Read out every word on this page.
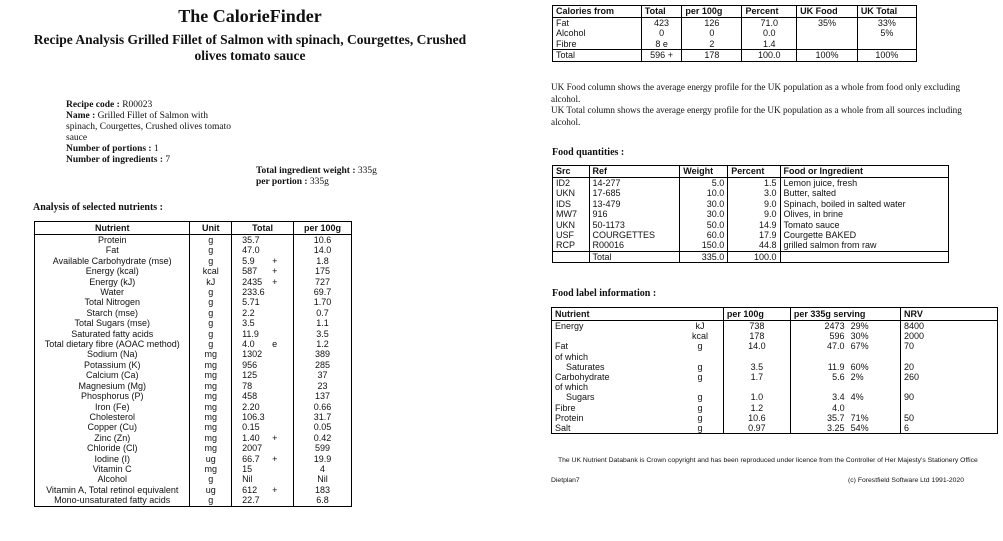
The CalorieFinder
Recipe Analysis Grilled Fillet of Salmon with spinach, Courgettes, Crushed olives tomato sauce
Recipe code : R00023
Name : Grilled Fillet of Salmon with
spinach, Courgettes, Crushed olives tomato
sauce
Number of portions : 1
Number of ingredients : 7
Total ingredient weight : 335g
per portion : 335g
Analysis of selected nutrients :
Nutrient	Unit	Total	per 100g
Protein	g	35.7	10.6
Fat	g	47.0	14.0
Available Carbohydrate (mse)	g	5.9 +	1.8
Energy (kcal)	kcal	587 +	175
Energy (kJ)	kJ	2435 +	727
Water	g	233.6	69.7
Total Nitrogen	g	5.71	1.70
Starch (mse)	g	2.2	0.7
Total Sugars (mse)	g	3.5	1.1
Saturated fatty acids	g	11.9	3.5
Total dietary fibre (AOAC method)	g	4.0 e	1.2
Sodium (Na)	mg	1302	389
Potassium (K)	mg	956	285
Calcium (Ca)	mg	125	37
Magnesium (Mg)	mg	78	23
Phosphorus (P)	mg	458	137
Iron (Fe)	mg	2.20	0.66
Cholesterol	mg	106.3	31.7
Copper (Cu)	mg	0.15	0.05
Zinc (Zn)	mg	1.40 +	0.42
Chloride (Cl)	mg	2007	599
Iodine (I)	ug	66.7 +	19.9
Vitamin C	mg	15	4
Alcohol	g	Nil	Nil
Vitamin A, Total retinol equivalent	ug	612 +	183
Mono-unsaturated fatty acids	g	22.7	6.8
Calories from	Total	per 100g	Percent	UK Food	UK Total
Fat	423	126	71.0	35%	33%
Alcohol	0	0	0.0		5%
Fibre	8 e	2	1.4		
Total	596 +	178	100.0	100%	100%
UK Food column shows the average energy profile for the UK population as a whole from food only excluding alcohol.
UK Total column shows the average energy profile for the UK population as a whole from all sources including alcohol.
Food quantities :
Src	Ref	Weight	Percent	Food or Ingredient
ID2	14-277	5.0	1.5	Lemon juice, fresh
UKN	17-685	10.0	3.0	Butter, salted
IDS	13-479	30.0	9.0	Spinach, boiled in salted water
MW7	916	30.0	9.0	Olives, in brine
UKN	50-1173	50.0	14.9	Tomato sauce
USF	COURGETTES	60.0	17.9	Courgette BAKED
RCP	R00016	150.0	44.8	grilled salmon from raw
	Total	335.0	100.0	
Food label information :
Nutrient		per 100g	per 335g serving		NRV
Energy	kJ	738	2473	29%	8400
	kcal	178	596	30%	2000
Fat	g	14.0	47.0	67%	70
of which					
Saturates	g	3.5	11.9	60%	20
Carbohydrate	g	1.7	5.6	2%	260
of which					
Sugars	g	1.0	3.4	4%	90
Fibre	g	1.2	4.0		
Protein	g	10.6	35.7	71%	50
Salt	g	0.97	3.25	54%	6
The UK Nutrient Databank is Crown copyright and has been reproduced under licence from the Controller of Her Majesty's Stationery Office
Dietplan7	(c) Forestfield Software Ltd 1991-2020
